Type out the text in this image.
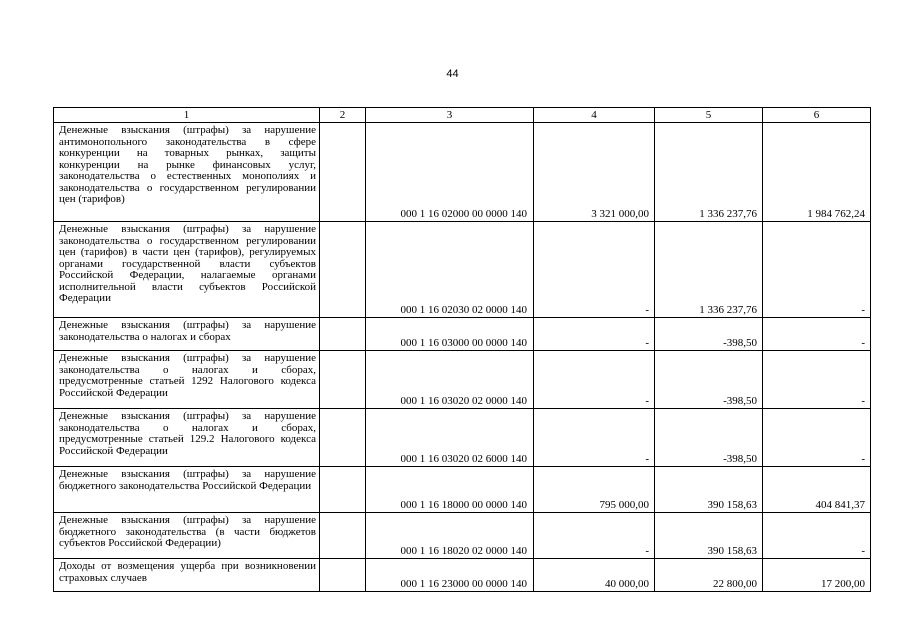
44
1	2	3	4	5	6
Денежные взыскания (штрафы) за нарушение антимонопольного законодательства в сфере конкуренции на товарных рынках, защиты конкуренции на рынке финансовых услуг, законодательства о естественных монополиях и законодательства о государственном регулировании цен (тарифов)		000 1 16 02000 00 0000 140	3 321 000,00	1 336 237,76	1 984 762,24
Денежные взыскания (штрафы) за нарушение законодательства о государственном регулировании цен (тарифов) в части цен (тарифов), регулируемых органами государственной власти субъектов Российской Федерации, налагаемые органами исполнительной власти субъектов Российской Федерации		000 1 16 02030 02 0000 140	-	1 336 237,76	-
Денежные взыскания (штрафы) за нарушение законодательства о налогах и сборах		000 1 16 03000 00 0000 140	-	-398,50	-
Денежные взыскания (штрафы) за нарушение законодательства о налогах и сборах, предусмотренные статьей 1292 Налогового кодекса Российской Федерации		000 1 16 03020 02 0000 140	-	-398,50	-
Денежные взыскания (штрафы) за нарушение законодательства о налогах и сборах, предусмотренные статьей 129.2 Налогового кодекса Российской Федерации		000 1 16 03020 02 6000 140	-	-398,50	-
Денежные взыскания (штрафы) за нарушение бюджетного законодательства Российской Федерации		000 1 16 18000 00 0000 140	795 000,00	390 158,63	404 841,37
Денежные взыскания (штрафы) за нарушение бюджетного законодательства (в части бюджетов субъектов Российской Федерации)		000 1 16 18020 02 0000 140	-	390 158,63	-
Доходы от возмещения ущерба при возникновении страховых случаев		000 1 16 23000 00 0000 140	40 000,00	22 800,00	17 200,00
